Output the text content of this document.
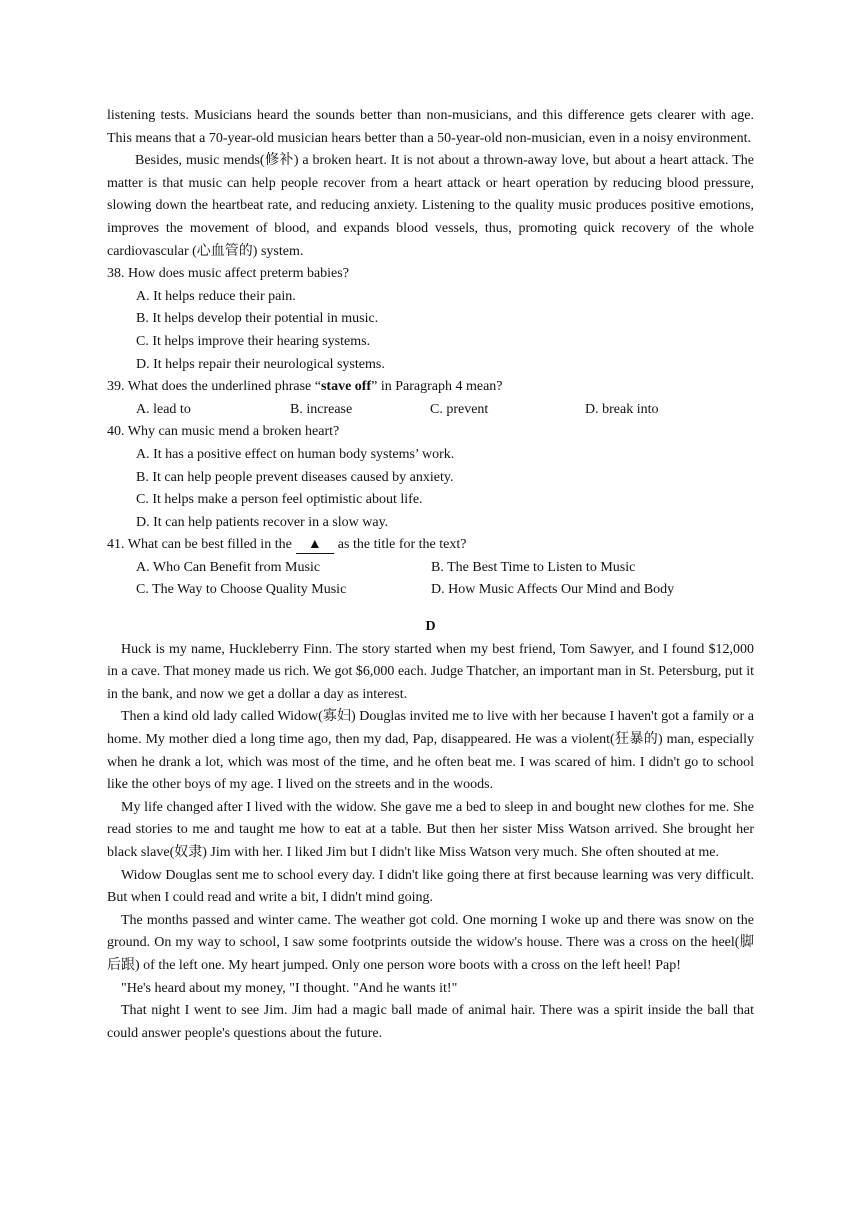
listening tests. Musicians heard the sounds better than non-musicians, and this difference gets clearer with age. This means that a 70-year-old musician hears better than a 50-year-old non-musician, even in a noisy environment.

Besides, music mends(修补) a broken heart. It is not about a thrown-away love, but about a heart attack. The matter is that music can help people recover from a heart attack or heart operation by reducing blood pressure, slowing down the heartbeat rate, and reducing anxiety. Listening to the quality music produces positive emotions, improves the movement of blood, and expands blood vessels, thus, promoting quick recovery of the whole cardiovascular (心血管的) system.

38. How does music affect preterm babies?

A. It helps reduce their pain.

B. It helps develop their potential in music.

C. It helps improve their hearing systems.

D. It helps repair their neurological systems.

39. What does the underlined phrase “stave off” in Paragraph 4 mean?

A. lead to	B. increase	C. prevent	D. break into

40. Why can music mend a broken heart?

A. It has a positive effect on human body systems’ work.

B. It can help people prevent diseases caused by anxiety.

C. It helps make a person feel optimistic about life.

D. It can help patients recover in a slow way.

41. What can be best filled in the ▲ as the title for the text?

A. Who Can Benefit from Music	B. The Best Time to Listen to Music
C. The Way to Choose Quality Music	D. How Music Affects Our Mind and Body

D

Huck is my name, Huckleberry Finn. The story started when my best friend, Tom Sawyer, and I found $12,000 in a cave. That money made us rich. We got $6,000 each. Judge Thatcher, an important man in St. Petersburg, put it in the bank, and now we get a dollar a day as interest.

Then a kind old lady called Widow(寡妇) Douglas invited me to live with her because I haven't got a family or a home. My mother died a long time ago, then my dad, Pap, disappeared. He was a violent(狂暴的) man, especially when he drank a lot, which was most of the time, and he often beat me. I was scared of him. I didn't go to school like the other boys of my age. I lived on the streets and in the woods.

My life changed after I lived with the widow. She gave me a bed to sleep in and bought new clothes for me. She read stories to me and taught me how to eat at a table. But then her sister Miss Watson arrived. She brought her black slave(奴隶) Jim with her. I liked Jim but I didn't like Miss Watson very much. She often shouted at me.

Widow Douglas sent me to school every day. I didn't like going there at first because learning was very difficult. But when I could read and write a bit, I didn't mind going.

The months passed and winter came. The weather got cold. One morning I woke up and there was snow on the ground. On my way to school, I saw some footprints outside the widow's house. There was a cross on the heel(脚后跟) of the left one. My heart jumped. Only one person wore boots with a cross on the left heel! Pap!

"He's heard about my money, "I thought. "And he wants it!"

That night I went to see Jim. Jim had a magic ball made of animal hair. There was a spirit inside the ball that could answer people's questions about the future.
